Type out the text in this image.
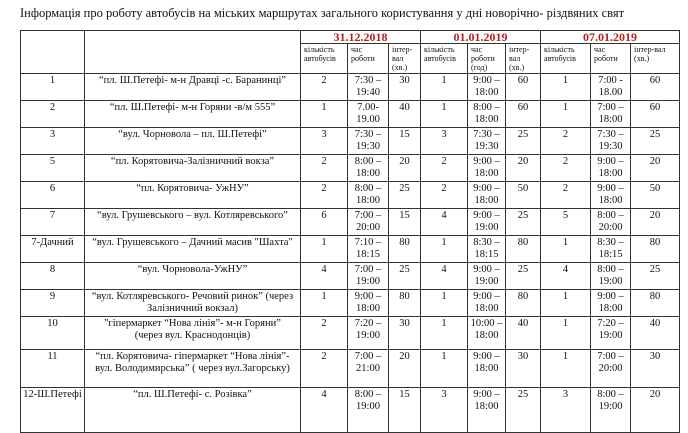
Інформація про роботу автобусів на міських маршрутах загального користування у дні новорічно- різдвяних свят
		31.12.2018			01.01.2019			07.01.2019		
		кількість автобусів	час роботи	інтер-вал (хв.)	кількість автобусів	час роботи (год)	інтер-вал (хв.)	кількість автобусів	час роботи	інтер-вал (хв.)
1	“пл. Ш.Петефі- м-н Дравці -с. Баранинці”	2	7:30 – 19:40	30	1	9:00 – 18:00	60	1	7:00 - 18.00	60
2	“пл. Ш.Петефі- м-н Горяни -в/м 555”	1	7.00- 19.00	40	1	8:00 – 18:00	60	1	7:00 – 18:00	60
3	“вул. Чорновола – пл. Ш.Петефі”	3	7:30 – 19:30	15	3	7:30 – 19:30	25	2	7:30 – 19:30	25
5	“пл. Корятовича-Залізничний вокза”	2	8:00 – 18:00	20	2	9:00 – 18:00	20	2	9:00 – 18:00	20
6	“пл. Корятовича- УжНУ”	2	8:00 – 18:00	25	2	9:00 – 18:00	50	2	9:00 – 18:00	50
7	“вул. Грушевського – вул. Котляревського”	6	7:00 – 20:00	15	4	9:00 – 19:00	25	5	8:00 – 20:00	20
7-Дачний	“вул. Грушевського – Дачний масив "Шахта"	1	7:10 – 18:15	80	1	8:30 – 18:15	80	1	8:30 – 18:15	80
8	“вул. Чорновола-УжНУ”	4	7:00 – 19:00	25	4	9:00 – 19:00	25	4	8:00 – 19:00	25
9	“вул. Котляревського- Речовий ринок” (через Залізничний вокзал)	1	9:00 – 18:00	80	1	9:00 – 18:00	80	1	9:00 – 18:00	80
10	"гіпермаркет “Нова лінія”- м-н Горяни” (через вул. Краснодонців)	2	7:20 – 19:00	30	1	10:00 – 18:00	40	1	7:20 – 19:00	40
11	“пл. Корятовича- гіпермаркет “Нова лінія”- вул. Володимирська” ( через вул.Загорську)	2	7:00 – 21:00	20	1	9:00 – 18:00	30	1	7:00 – 20:00	30
12-Ш.Петефі	“пл. Ш.Петефі- с. Розівка”	4	8:00 – 19:00	15	3	9:00 – 18:00	25	3	8:00 – 19:00	20
